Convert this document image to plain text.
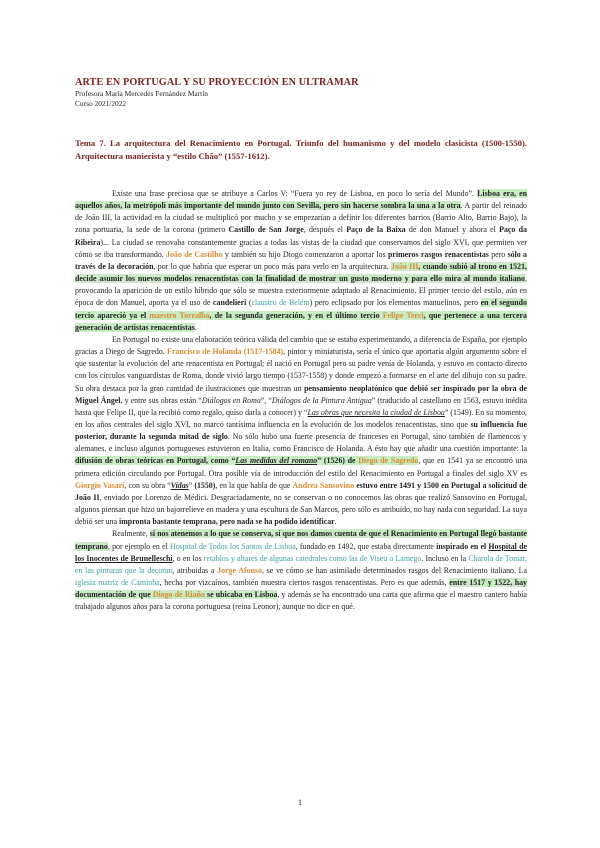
ARTE EN PORTUGAL Y SU PROYECCIÓN EN ULTRAMAR
Profesora María Mercedes Fernández Martín
Curso 2021/2022
Tema 7. La arquitectura del Renacimiento en Portugal. Triunfo del humanismo y del modelo clasicista (1500-1550). Arquitectura manierista y “estilo Chão” (1557-1612).

Existe una frase preciosa que se atribuye a Carlos V: “Fuera yo rey de Lisboa, en poco lo sería del Mundo”. Lisboa era, en aquellos años, la metrópoli más importante del mundo junto con Sevilla, pero sin hacerse sombra la una a la otra. A partir del reinado de João III, la actividad en la ciudad se multiplicó por mucho y se empezarían a definir los diferentes barrios (Barrio Alto, Barrio Bajo), la zona portuaria, la sede de la corona (primero Castillo de San Jorge, después el Paço de la Baixa de don Manuel y ahora el Paço da Ribeira)... La ciudad se renovaba constantemente gracias a todas las vistas de la ciudad que conservamos del siglo XVI, que permiten ver cómo se iba transformando. João de Castilho y también su hijo Diogo comenzaron a aportar los primeros rasgos renacentistas pero sólo a través de la decoración, por lo que habría que esperar un poco más para verlo en la arquitectura. João III, cuando subió al trono en 1521, decide asumir los nuevos modelos renacentistas con la finalidad de mostrar un gusto moderno y para ello mira al mundo italiano, provocando la aparición de un estilo híbrido que sólo se muestra exteriormente adaptado al Renacimiento. El primer tercio del estilo, aún en época de don Manuel, aporta ya el uso de candelieri (claustro de Belém) pero eclipsado por los elementos manuelinos, pero en el segundo tercio apareció ya el maestro Torralba, de la segunda generación, y en el último tercio Felipe Terci, que pertenece a una tercera generación de artistas renacentistas.

En Portugal no existe una elaboración teórica válida del cambio que se estaba experimentando, a diferencia de España, por ejemplo gracias a Diego de Sagredo. Francisco de Holanda (1517-1584), pintor y miniaturista, sería el único que aportaría algún argumento sobre el que sustentar la evolución del arte renacentista en Portugal; él nació en Portugal pero su padre venía de Holanda, y estuvo en contacto directo con los círculos vanguardistas de Roma, donde vivió largo tiempo (1537-1558) y donde empezó a formarse en el arte del dibujo con su padre. Su obra destaca por la gran cantidad de ilustraciones que muestran un pensamiento neoplatónico que debió ser inspirado por la obra de Miguel Ángel, y entre sus obras están “Diálogos en Roma”, “Diálogos de la Pintura Antigua” (traducido al castellano en 1563, estuvo inédita hasta que Felipe II, que la recibió como regalo, quiso darla a conocer) y “Las obras que necesita la ciudad de Lisboa” (1549). En su momento, en los años centrales del siglo XVI, no marcó tantísima influencia en la evolución de los modelos renacentistas, sino que su influencia fue posterior, durante la segunda mitad de siglo. No sólo hubo una fuerte presencia de franceses en Portugal, sino también de flamencos y alemanes, e incluso algunos portugueses estuvieron en Italia, como Francisco de Holanda. A ésto hay que añadir una cuestión importante: la difusión de obras teóricas en Portugal, como “Las medidas del romano” (1526) de Diego de Sagredo, que en 1541 ya se encontró una primera edición circulando por Portugal. Otra posible vía de introducción del estilo del Renacimiento en Portugal a finales del siglo XV es Giorgio Vasari, con su obra “Vidas” (1550), en la que habla de que Andrea Sansovino estuvo entre 1491 y 1500 en Portugal a solicitud de João II, enviado por Lorenzo de Médici. Desgraciadamente, no se conservan o no conocemos las obras que realizó Sansovino en Portugal, algunos piensan que hizo un bajorrelieve en madera y una escultura de San Marcos, pero sólo es atribuido, no hay nada con seguridad. La suya debió ser una impronta bastante temprana, pero nada se ha podido identificar.

Realmente, si nos atenemos a lo que se conserva, sí que nos damos cuenta de que el Renacimiento en Portugal llegó bastante temprano, por ejemplo en el Hospital de Todos los Santos de Lisboa, fundado en 1492, que estaba directamente inspirado en el Hospital de los Inocentes de Brunelleschi, o en los retablos y altares de algunas catedrales como las de Viseu o Lamego. Incluso en la Charola de Tomar, en las pinturas que la decoran, atribuidas a Jorge Afonso, se ve cómo se han asimilado determinados rasgos del Renacimiento italiano. La iglesia matriz de Caminha, hecha por vizcaínos, también muestra ciertos rasgos renacentistas. Pero es que además, entre 1517 y 1522, hay documentación de que Diogo de Riaño se ubicaba en Lisboa, y además se ha encontrado una carta que afirma que el maestro cantero había trabajado algunos años para la corona portuguesa (reina Leonor), aunque no dice en qué.

1
